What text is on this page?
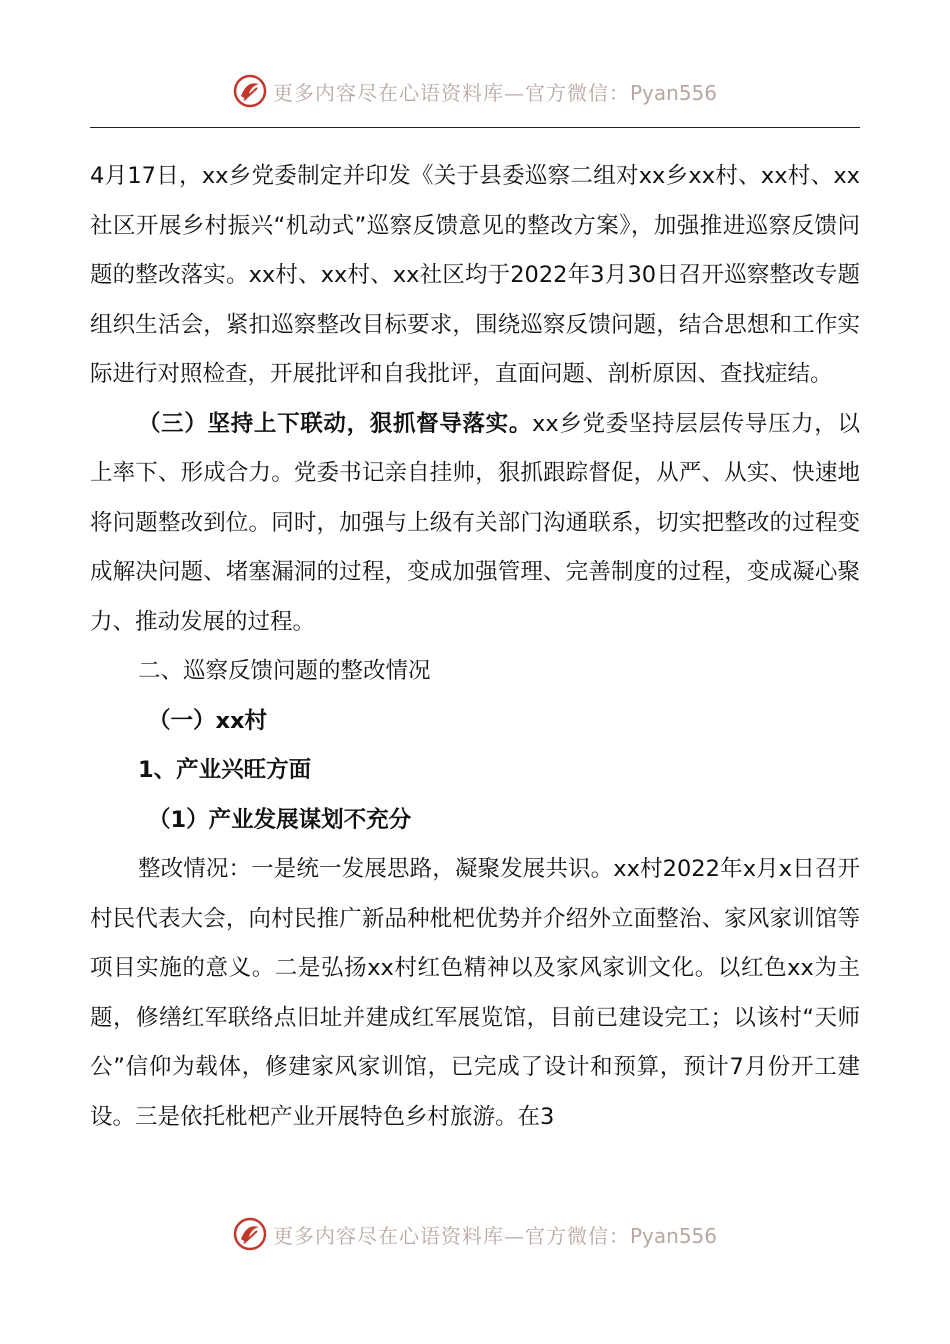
更多内容尽在心语资料库—官方微信：Pyan556

4月17日，xx乡党委制定并印发《关于县委巡察二组对xx乡xx村、xx村、xx社区开展乡村振兴“机动式”巡察反馈意见的整改方案》，加强推进巡察反馈问题的整改落实。xx村、xx村、xx社区均于2022年3月30日召开巡察整改专题组织生活会，紧扣巡察整改目标要求，围绕巡察反馈问题，结合思想和工作实际进行对照检查，开展批评和自我批评，直面问题、剖析原因、查找症结。

（三）坚持上下联动，狠抓督导落实。xx乡党委坚持层层传导压力，以上率下、形成合力。党委书记亲自挂帅，狠抓跟踪督促，从严、从实、快速地将问题整改到位。同时，加强与上级有关部门沟通联系，切实把整改的过程变成解决问题、堵塞漏洞的过程，变成加强管理、完善制度的过程，变成凝心聚力、推动发展的过程。

二、巡察反馈问题的整改情况

（一）xx村

1、产业兴旺方面

（1）产业发展谋划不充分

整改情况：一是统一发展思路，凝聚发展共识。xx村2022年x月x日召开村民代表大会，向村民推广新品种枇杷优势并介绍外立面整治、家风家训馆等项目实施的意义。二是弘扬xx村红色精神以及家风家训文化。以红色xx为主题，修缮红军联络点旧址并建成红军展览馆，目前已建设完工；以该村“天师公”信仰为载体，修建家风家训馆，已完成了设计和预算，预计7月份开工建设。三是依托枇杷产业开展特色乡村旅游。在3

更多内容尽在心语资料库—官方微信：Pyan556
